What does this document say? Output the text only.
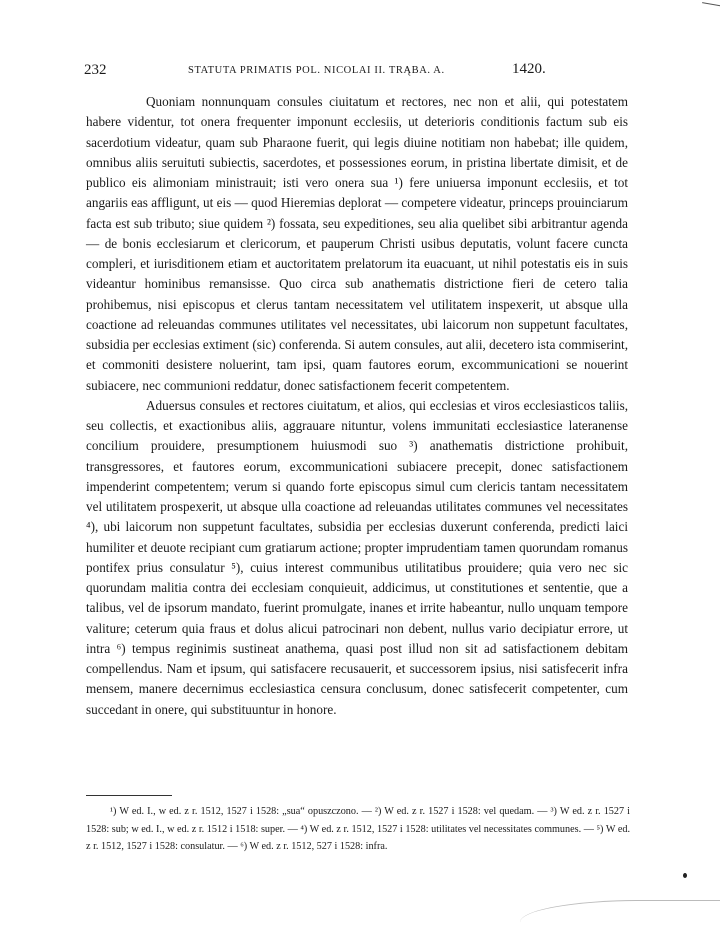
232	STATUTA PRIMATIS POL. NICOLAI II. TRĄBA. A.	1420.

Quoniam nonnunquam consules ciuitatum et rectores, nec non et alii, qui potestatem habere videntur, tot onera frequenter imponunt ecclesiis, ut deterioris conditionis factum sub eis sacerdotium videatur, quam sub Pharaone fuerit, qui legis diuine notitiam non habebat; ille quidem, omnibus aliis seruituti subiectis, sacerdotes, et possessiones eorum, in pristina libertate dimisit, et de publico eis alimoniam ministrauit; isti vero onera sua ¹) fere uniuersa imponunt ecclesiis, et tot angariis eas affligunt, ut eis — quod Hieremias deplorat — competere videatur, princeps prouinciarum facta est sub tributo; siue quidem ²) fossata, seu expeditiones, seu alia quelibet sibi arbitrantur agenda — de bonis ecclesiarum et clericorum, et pauperum Christi usibus deputatis, volunt facere cuncta compleri, et iurisditionem etiam et auctoritatem prelatorum ita euacuant, ut nihil potestatis eis in suis videantur hominibus remansisse. Quo circa sub anathematis districtione fieri de cetero talia prohibemus, nisi episcopus et clerus tantam necessitatem vel utilitatem inspexerit, ut absque ulla coactione ad releuandas communes utilitates vel necessitates, ubi laicorum non suppetunt facultates, subsidia per ecclesias extiment (sic) conferenda. Si autem consules, aut alii, decetero ista commiserint, et commoniti desistere noluerint, tam ipsi, quam fautores eorum, excommunicationi se nouerint subiacere, nec communioni reddatur, donec satisfactionem fecerit competentem.

Aduersus consules et rectores ciuitatum, et alios, qui ecclesias et viros ecclesiasticos taliis, seu collectis, et exactionibus aliis, aggrauare nituntur, volens immunitati ecclesiastice lateranense concilium prouidere, presumptionem huiusmodi suo ³) anathematis districtione prohibuit, transgressores, et fautores eorum, excommunicationi subiacere precepit, donec satisfactionem impenderint competentem; verum si quando forte episcopus simul cum clericis tantam necessitatem vel utilitatem prospexerit, ut absque ulla coactione ad releuandas utilitates communes vel necessitates ⁴), ubi laicorum non suppetunt facultates, subsidia per ecclesias duxerunt conferenda, predicti laici humiliter et deuote recipiant cum gratiarum actione; propter imprudentiam tamen quorundam romanus pontifex prius consulatur ⁵), cuius interest communibus utilitatibus prouidere; quia vero nec sic quorundam malitia contra dei ecclesiam conquieuit, addicimus, ut constitutiones et sententie, que a talibus, vel de ipsorum mandato, fuerint promulgate, inanes et irrite habeantur, nullo unquam tempore valiture; ceterum quia fraus et dolus alicui patrocinari non debent, nullus vario decipiatur errore, ut intra ⁶) tempus reginimis sustineat anathema, quasi post illud non sit ad satisfactionem debitam compellendus. Nam et ipsum, qui satisfacere recusauerit, et successorem ipsius, nisi satisfecerit infra mensem, manere decernimus ecclesiastica censura conclusum, donec satisfecerit competenter, cum succedant in onere, qui substituuntur in honore.

¹) W ed. I., w ed. z r. 1512, 1527 i 1528: „sua“ opuszczono. — ²) W ed. z r. 1527 i 1528: vel quedam. — ³) W ed. z r. 1527 i 1528: sub; w ed. I., w ed. z r. 1512 i 1518: super. — ⁴) W ed. z r. 1512, 1527 i 1528: utilitates vel necessitates communes. — ⁵) W ed. z r. 1512, 1527 i 1528: consulatur. — ⁶) W ed. z r. 1512, 527 i 1528: infra.
